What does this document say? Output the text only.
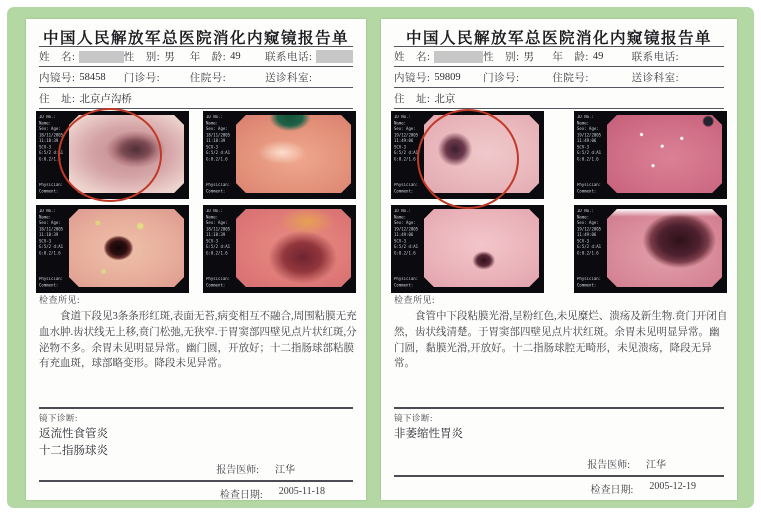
中国人民解放军总医院消化内窥镜报告单
姓　名:	性　别: 男 年　龄: 49 联系电话:
内镜号: 58458 门诊号:	住院号:	送诊科室:
住　址: 北京卢沟桥
ID No.:
Name:
Sex: Age:
18/11/2005
11:18:39
SCV-3
G:5/2 d:A1
G:0.2/1.6
Physician:
Comment:
ID No.:
Name:
Sex: Age:
18/11/2005
11:18:39
SCV-3
G:5/2 d:A1
G:0.2/1.6
Physician:
Comment:
ID No.:
Name:
Sex: Age:
18/11/2005
11:18:39
SCV-3
G:5/2 d:A1
G:0.2/1.6
Physician:
Comment:
ID No.:
Name:
Sex: Age:
18/11/2005
11:18:39
SCV-3
G:5/2 d:A1
G:0.2/1.6
Physician:
Comment:
检查所见:
食道下段见3条条形红斑,表面无苔,病变相互不融合,周围粘膜无充血水肿.齿状线无上移,贲门松弛,无狭窄.于胃窦部四壁见点片状红斑,分泌物不多。余胃未见明显异常。幽门圆，开放好；十二指肠球部粘膜有充血斑，球部略变形。降段未见异常。
镜下诊断:
返流性食管炎
十二指肠球炎
报告医师: 江华
检查日期: 2005-11-18
中国人民解放军总医院消化内窥镜报告单
姓　名:	性　别: 男 年　龄: 49	联系电话:
内镜号: 59809 门诊号:	住院号:	送诊科室:
住　址: 北京
ID No.:
Name:
Sex: Age:
19/12/2005
11:49:06
SCV-3
G:5/2 d:A1
G:0.2/1.6
Physician:
Comment:
ID No.:
Name:
Sex: Age:
19/12/2005
11:49:06
SCV-3
G:5/2 d:A1
G:0.2/1.6
Physician:
Comment:
ID No.:
Name:
Sex: Age:
19/12/2005
11:49:06
SCV-3
G:5/2 d:A1
G:0.2/1.6
Physician:
Comment:
ID No.:
Name:
Sex: Age:
19/12/2005
11:49:06
SCV-3
G:5/2 d:A1
G:0.2/1.6
Physician:
Comment:
检查所见:
食管中下段粘膜光滑,呈粉红色,未见糜烂、溃疡及新生物.贲门开闭自然，齿状线清楚。于胃窦部四壁见点片状红斑。余胃未见明显异常。幽门圆，黏膜光滑,开放好。十二指肠球腔无畸形，未见溃疡，降段无异常。
镜下诊断:
非萎缩性胃炎
报告医师: 江华
检查日期: 2005-12-19
